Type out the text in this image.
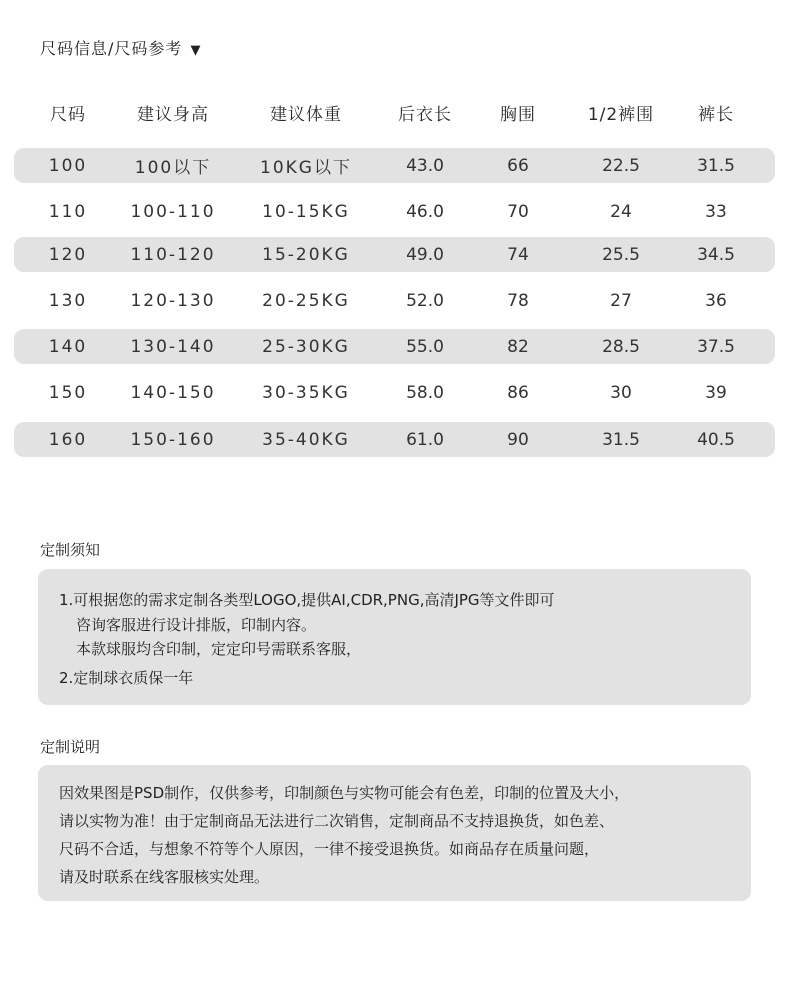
尺码信息/尺码参考 ▼
尺码	建议身高	建议体重	后衣长	胸围	1/2裤围	裤长
100	100以下	10KG以下	43.0	66	22.5	31.5
110	100-110	10-15KG	46.0	70	24	33
120	110-120	15-20KG	49.0	74	25.5	34.5
130	120-130	20-25KG	52.0	78	27	36
140	130-140	25-30KG	55.0	82	28.5	37.5
150	140-150	30-35KG	58.0	86	30	39
160	150-160	35-40KG	61.0	90	31.5	40.5
定制须知

1.可根据您的需求定制各类型LOGO,提供AI,CDR,PNG,高清JPG等文件即可

咨询客服进行设计排版，印制内容。

本款球服均含印制，定定印号需联系客服，

2.定制球衣质保一年

定制说明

因效果图是PSD制作，仅供参考，印制颜色与实物可能会有色差，印制的位置及大小，

请以实物为准！由于定制商品无法进行二次销售，定制商品不支持退换货，如色差、

尺码不合适，与想象不符等个人原因，一律不接受退换货。如商品存在质量问题，

请及时联系在线客服核实处理。
